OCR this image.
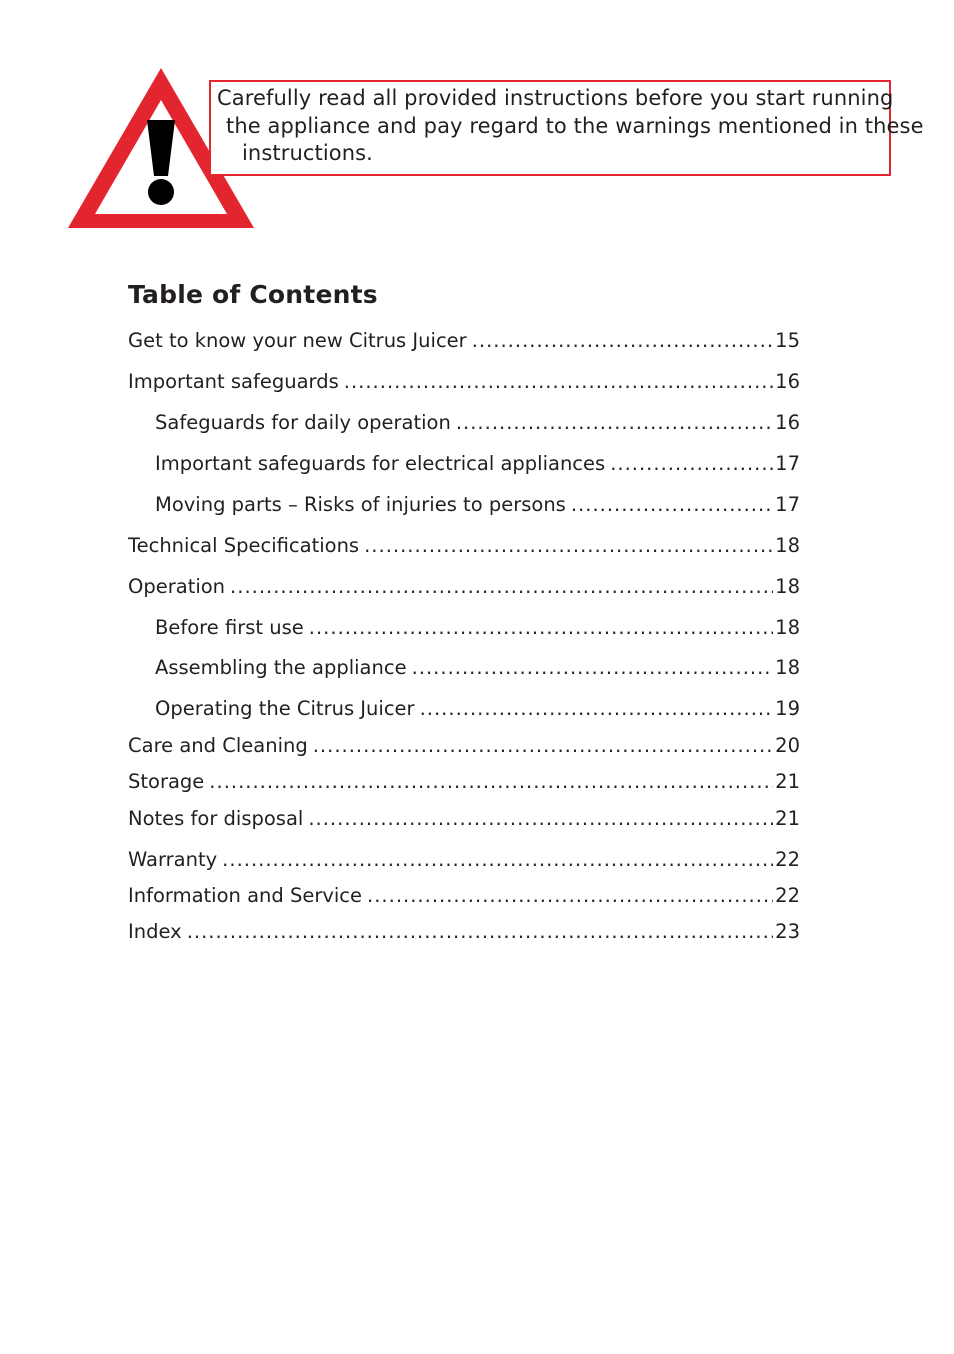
Carefully read all provided instructions before you start running
the appliance and pay regard to the warnings mentioned in these
instructions.
Table of Contents
Get to know your new Citrus Juicer .....	15
Important safeguards .....	16
Safeguards for daily operation .....	16
Important safeguards for electrical appliances .....	17
Moving parts – Risks of injuries to persons .....	17
Technical Specifications .....	18
Operation .....	18
Before first use .....	18
Assembling the appliance .....	18
Operating the Citrus Juicer .....	19
Care and Cleaning .....	20
Storage .....	21
Notes for disposal .....	21
Warranty .....	22
Information and Service .....	22
Index .....	23
